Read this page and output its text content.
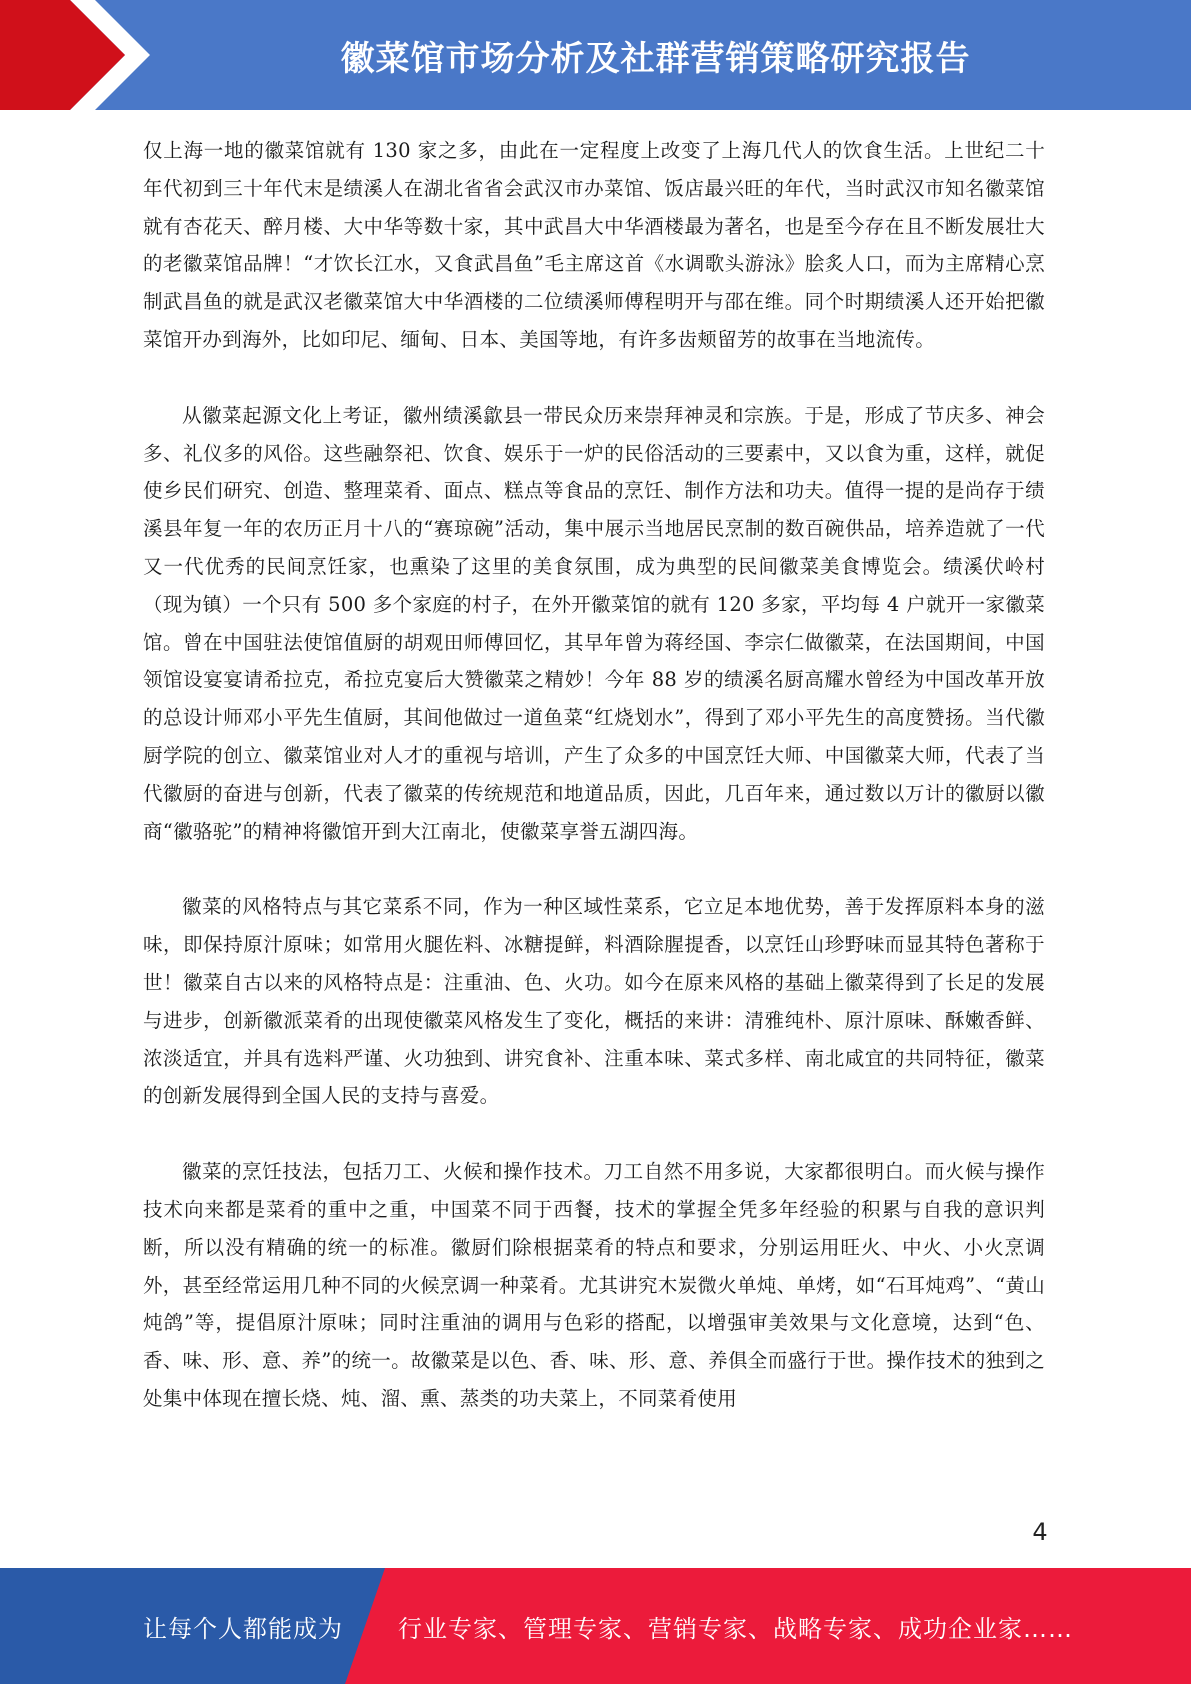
徽菜馆市场分析及社群营销策略研究报告

仅上海一地的徽菜馆就有 130 家之多，由此在一定程度上改变了上海几代人的饮食生活。上世纪二十年代初到三十年代末是绩溪人在湖北省省会武汉市办菜馆、饭店最兴旺的年代，当时武汉市知名徽菜馆就有杏花天、醉月楼、大中华等数十家，其中武昌大中华酒楼最为著名，也是至今存在且不断发展壮大的老徽菜馆品牌！“才饮长江水，又食武昌鱼”毛主席这首《水调歌头游泳》脍炙人口，而为主席精心烹制武昌鱼的就是武汉老徽菜馆大中华酒楼的二位绩溪师傅程明开与邵在维。同个时期绩溪人还开始把徽菜馆开办到海外，比如印尼、缅甸、日本、美国等地，有许多齿颊留芳的故事在当地流传。

从徽菜起源文化上考证，徽州绩溪歙县一带民众历来崇拜神灵和宗族。于是，形成了节庆多、神会多、礼仪多的风俗。这些融祭祀、饮食、娱乐于一炉的民俗活动的三要素中，又以食为重，这样，就促使乡民们研究、创造、整理菜肴、面点、糕点等食品的烹饪、制作方法和功夫。值得一提的是尚存于绩溪县年复一年的农历正月十八的“赛琼碗”活动，集中展示当地居民烹制的数百碗供品，培养造就了一代又一代优秀的民间烹饪家，也熏染了这里的美食氛围，成为典型的民间徽菜美食博览会。绩溪伏岭村（现为镇）一个只有 500 多个家庭的村子，在外开徽菜馆的就有 120 多家，平均每 4 户就开一家徽菜馆。曾在中国驻法使馆值厨的胡观田师傅回忆，其早年曾为蒋经国、李宗仁做徽菜，在法国期间，中国领馆设宴宴请希拉克，希拉克宴后大赞徽菜之精妙！今年 88 岁的绩溪名厨高耀水曾经为中国改革开放的总设计师邓小平先生值厨，其间他做过一道鱼菜“红烧划水”，得到了邓小平先生的高度赞扬。当代徽厨学院的创立、徽菜馆业对人才的重视与培训，产生了众多的中国烹饪大师、中国徽菜大师，代表了当代徽厨的奋进与创新，代表了徽菜的传统规范和地道品质，因此，几百年来，通过数以万计的徽厨以徽商“徽骆驼”的精神将徽馆开到大江南北，使徽菜享誉五湖四海。

徽菜的风格特点与其它菜系不同，作为一种区域性菜系，它立足本地优势，善于发挥原料本身的滋味，即保持原汁原味；如常用火腿佐料、冰糖提鲜，料酒除腥提香，以烹饪山珍野味而显其特色著称于世！徽菜自古以来的风格特点是：注重油、色、火功。如今在原来风格的基础上徽菜得到了长足的发展与进步，创新徽派菜肴的出现使徽菜风格发生了变化，概括的来讲：清雅纯朴、原汁原味、酥嫩香鲜、浓淡适宜，并具有选料严谨、火功独到、讲究食补、注重本味、菜式多样、南北咸宜的共同特征，徽菜的创新发展得到全国人民的支持与喜爱。

徽菜的烹饪技法，包括刀工、火候和操作技术。刀工自然不用多说，大家都很明白。而火候与操作技术向来都是菜肴的重中之重，中国菜不同于西餐，技术的掌握全凭多年经验的积累与自我的意识判断，所以没有精确的统一的标准。徽厨们除根据菜肴的特点和要求，分别运用旺火、中火、小火烹调外，甚至经常运用几种不同的火候烹调一种菜肴。尤其讲究木炭微火单炖、单烤，如“石耳炖鸡”、“黄山炖鸽”等，提倡原汁原味；同时注重油的调用与色彩的搭配，以增强审美效果与文化意境，达到“色、香、味、形、意、养”的统一。故徽菜是以色、香、味、形、意、养俱全而盛行于世。操作技术的独到之处集中体现在擅长烧、炖、溜、熏、蒸类的功夫菜上，不同菜肴使用

4
让每个人都能成为 行业专家、管理专家、营销专家、战略专家、成功企业家……
